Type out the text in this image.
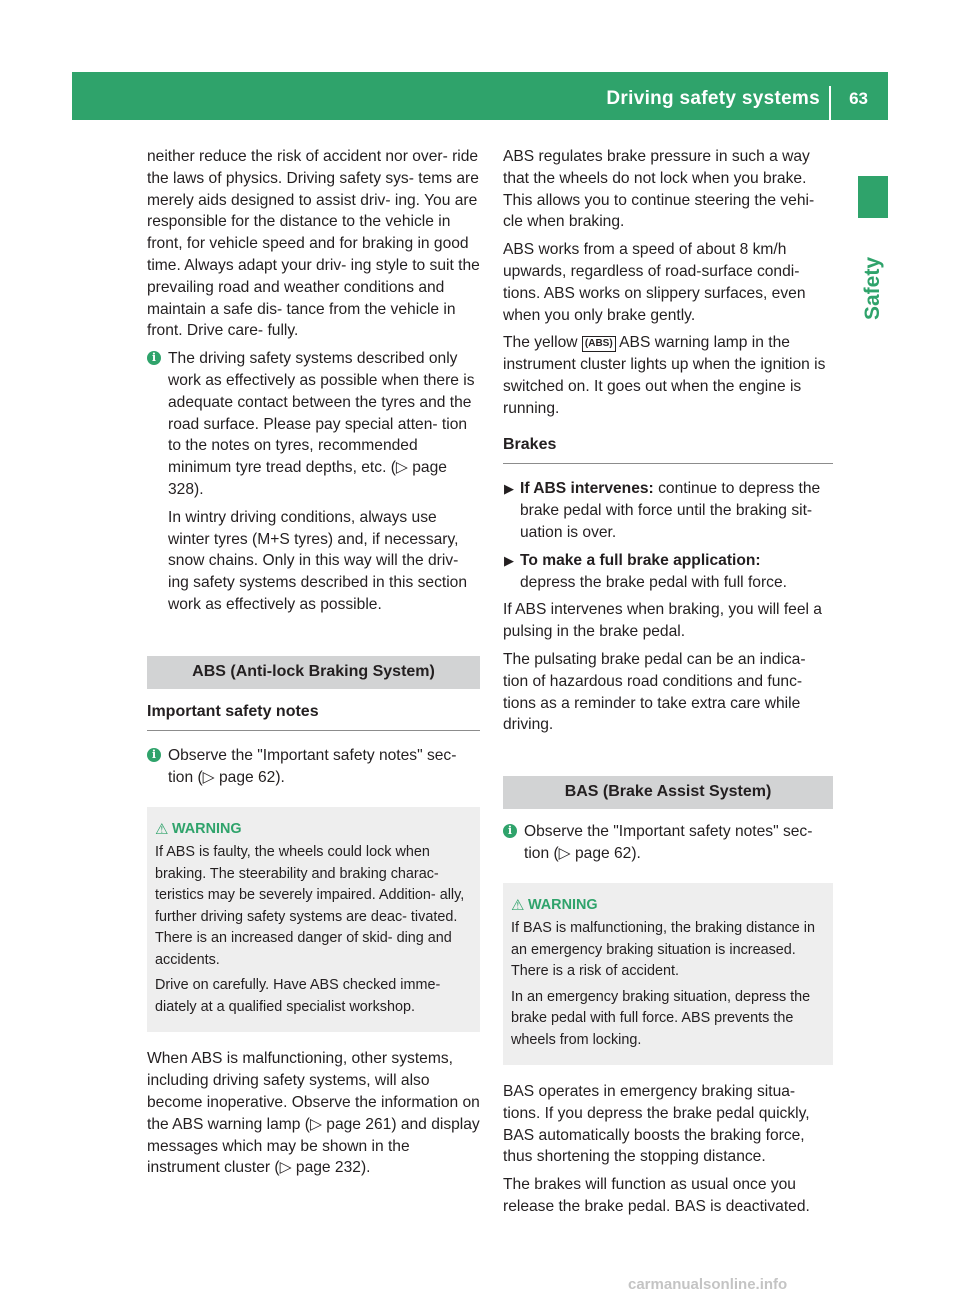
Driving safety systems 63
Safety

neither reduce the risk of accident nor over- ride the laws of physics. Driving safety sys- tems are merely aids designed to assist driv- ing. You are responsible for the distance to the vehicle in front, for vehicle speed and for braking in good time. Always adapt your driv- ing style to suit the prevailing road and weather conditions and maintain a safe dis- tance from the vehicle in front. Drive care- fully.

i The driving safety systems described only work as effectively as possible when there is adequate contact between the tyres and the road surface. Please pay special atten- tion to the notes on tyres, recommended minimum tyre tread depths, etc. (▷ page 328).

In wintry driving conditions, always use winter tyres (M+S tyres) and, if necessary, snow chains. Only in this way will the driv- ing safety systems described in this section work as effectively as possible.

ABS (Anti-lock Braking System)
Important safety notes
i Observe the "Important safety notes" sec- tion (▷ page 62).

⚠ WARNING

If ABS is faulty, the wheels could lock when braking. The steerability and braking charac- teristics may be severely impaired. Addition- ally, further driving safety systems are deac- tivated. There is an increased danger of skid- ding and accidents.

Drive on carefully. Have ABS checked imme- diately at a qualified specialist workshop.

When ABS is malfunctioning, other systems, including driving safety systems, will also become inoperative. Observe the information on the ABS warning lamp (▷ page 261) and display messages which may be shown in the instrument cluster (▷ page 232).

ABS regulates brake pressure in such a way that the wheels do not lock when you brake. This allows you to continue steering the vehi- cle when braking.

ABS works from a speed of about 8 km/h upwards, regardless of road-surface condi- tions. ABS works on slippery surfaces, even when you only brake gently.

The yellow (ABS) ABS warning lamp in the instrument cluster lights up when the ignition is switched on. It goes out when the engine is running.

Brakes
▶ If ABS intervenes: continue to depress the brake pedal with force until the braking sit- uation is over.
▶ To make a full brake application:
depress the brake pedal with full force.

If ABS intervenes when braking, you will feel a pulsing in the brake pedal.

The pulsating brake pedal can be an indica- tion of hazardous road conditions and func- tions as a reminder to take extra care while driving.

BAS (Brake Assist System)
i Observe the "Important safety notes" sec- tion (▷ page 62).

⚠ WARNING

If BAS is malfunctioning, the braking distance in an emergency braking situation is increased. There is a risk of accident.

In an emergency braking situation, depress the brake pedal with full force. ABS prevents the wheels from locking.

BAS operates in emergency braking situa- tions. If you depress the brake pedal quickly, BAS automatically boosts the braking force, thus shortening the stopping distance.

The brakes will function as usual once you release the brake pedal. BAS is deactivated.

carmanualsonline.info
